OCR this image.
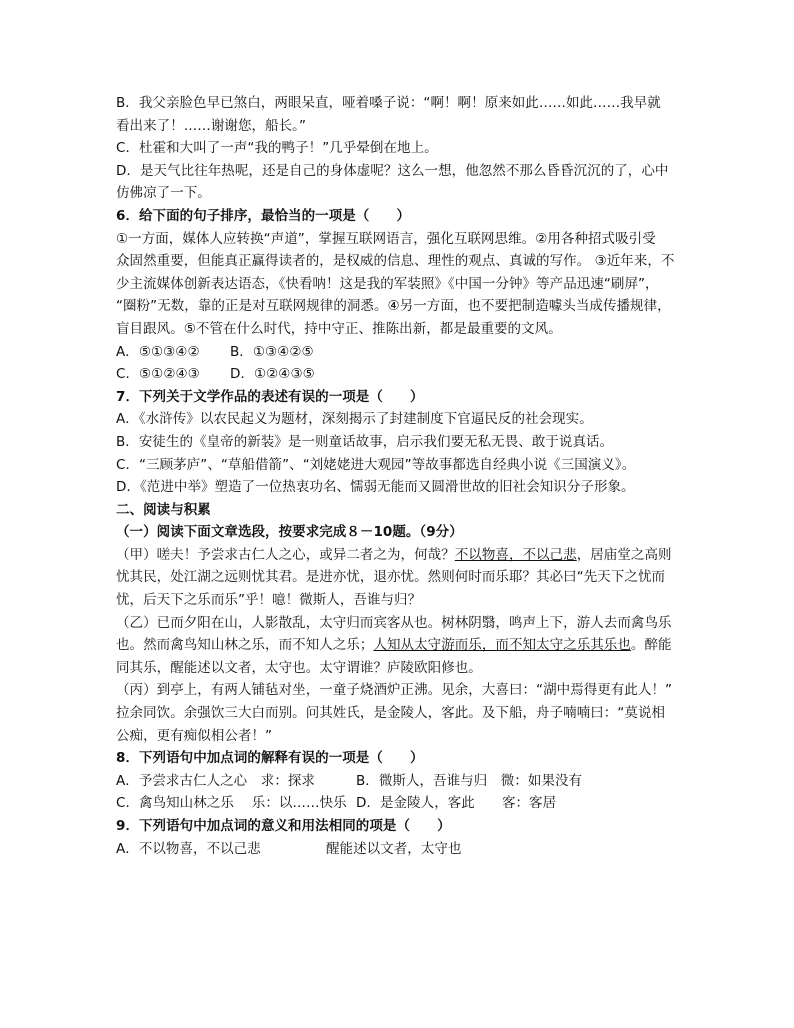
B．我父亲脸色早已煞白，两眼呆直，哑着嗓子说：“啊！啊！原来如此……如此……我早就
看出来了！……谢谢您，船长。”
C．杜霍和大叫了一声“我的鸭子！”几乎晕倒在地上。
D．是天气比往年热呢，还是自己的身体虚呢？这么一想，他忽然不那么昏昏沉沉的了，心中
仿佛凉了一下。
6．给下面的句子排序，最恰当的一项是（　　）
①一方面，媒体人应转换“声道”，掌握互联网语言，强化互联网思维。②用各种招式吸引受
众固然重要，但能真正赢得读者的，是权威的信息、理性的观点、真诚的写作。 ③近年来，不
少主流媒体创新表达语态，《快看呐！这是我的军装照》《中国一分钟》等产品迅速“刷屏”，
“圈粉”无数，靠的正是对互联网规律的洞悉。④另一方面，也不要把制造噱头当成传播规律，
盲目跟风。⑤不管在什么时代，持中守正、推陈出新，都是最重要的文风。
A．⑤①③④② B．①③④②⑤
C．⑤①②④③ D．①②④③⑤
7．下列关于文学作品的表述有误的一项是（　　）
A．《水浒传》以农民起义为题材，深刻揭示了封建制度下官逼民反的社会现实。
B．安徒生的《皇帝的新装》是一则童话故事，启示我们要无私无畏、敢于说真话。
C．“三顾茅庐”、“草船借箭”、“刘姥姥进大观园”等故事都选自经典小说《三国演义》。
D．《范进中举》塑造了一位热衷功名、懦弱无能而又圆滑世故的旧社会知识分子形象。
二、阅读与积累
（一）阅读下面文章选段，按要求完成８－10题。（9分）
（甲）嗟夫！予尝求古仁人之心，或异二者之为，何哉？不以物喜，不以己悲，居庙堂之高则
忧其民，处江湖之远则忧其君。是进亦忧，退亦忧。然则何时而乐耶？其必曰“先天下之忧而
忧，后天下之乐而乐”乎！噫！微斯人，吾谁与归？
（乙）已而夕阳在山，人影散乱，太守归而宾客从也。树林阴翳，鸣声上下，游人去而禽鸟乐
也。然而禽鸟知山林之乐，而不知人之乐；人知从太守游而乐，而不知太守之乐其乐也。醉能
同其乐，醒能述以文者，太守也。太守谓谁？庐陵欧阳修也。
（丙）到亭上，有两人铺毡对坐，一童子烧酒炉正沸。见余，大喜曰：“湖中焉得更有此人！”
拉余同饮。余强饮三大白而别。问其姓氏，是金陵人，客此。及下船，舟子喃喃曰：“莫说相
公痴，更有痴似相公者！”
8．下列语句中加点词的解释有误的一项是（　　）
A．予尝求古仁人之心　求：探求	B．微斯人，吾谁与归　微：如果没有
C．禽鸟知山林之乐　 乐：以……快乐 D．是金陵人，客此　　客：客居
9．下列语句中加点词的意义和用法相同的项是（　　）
A．不以物喜，不以己悲	醒能述以文者，太守也
